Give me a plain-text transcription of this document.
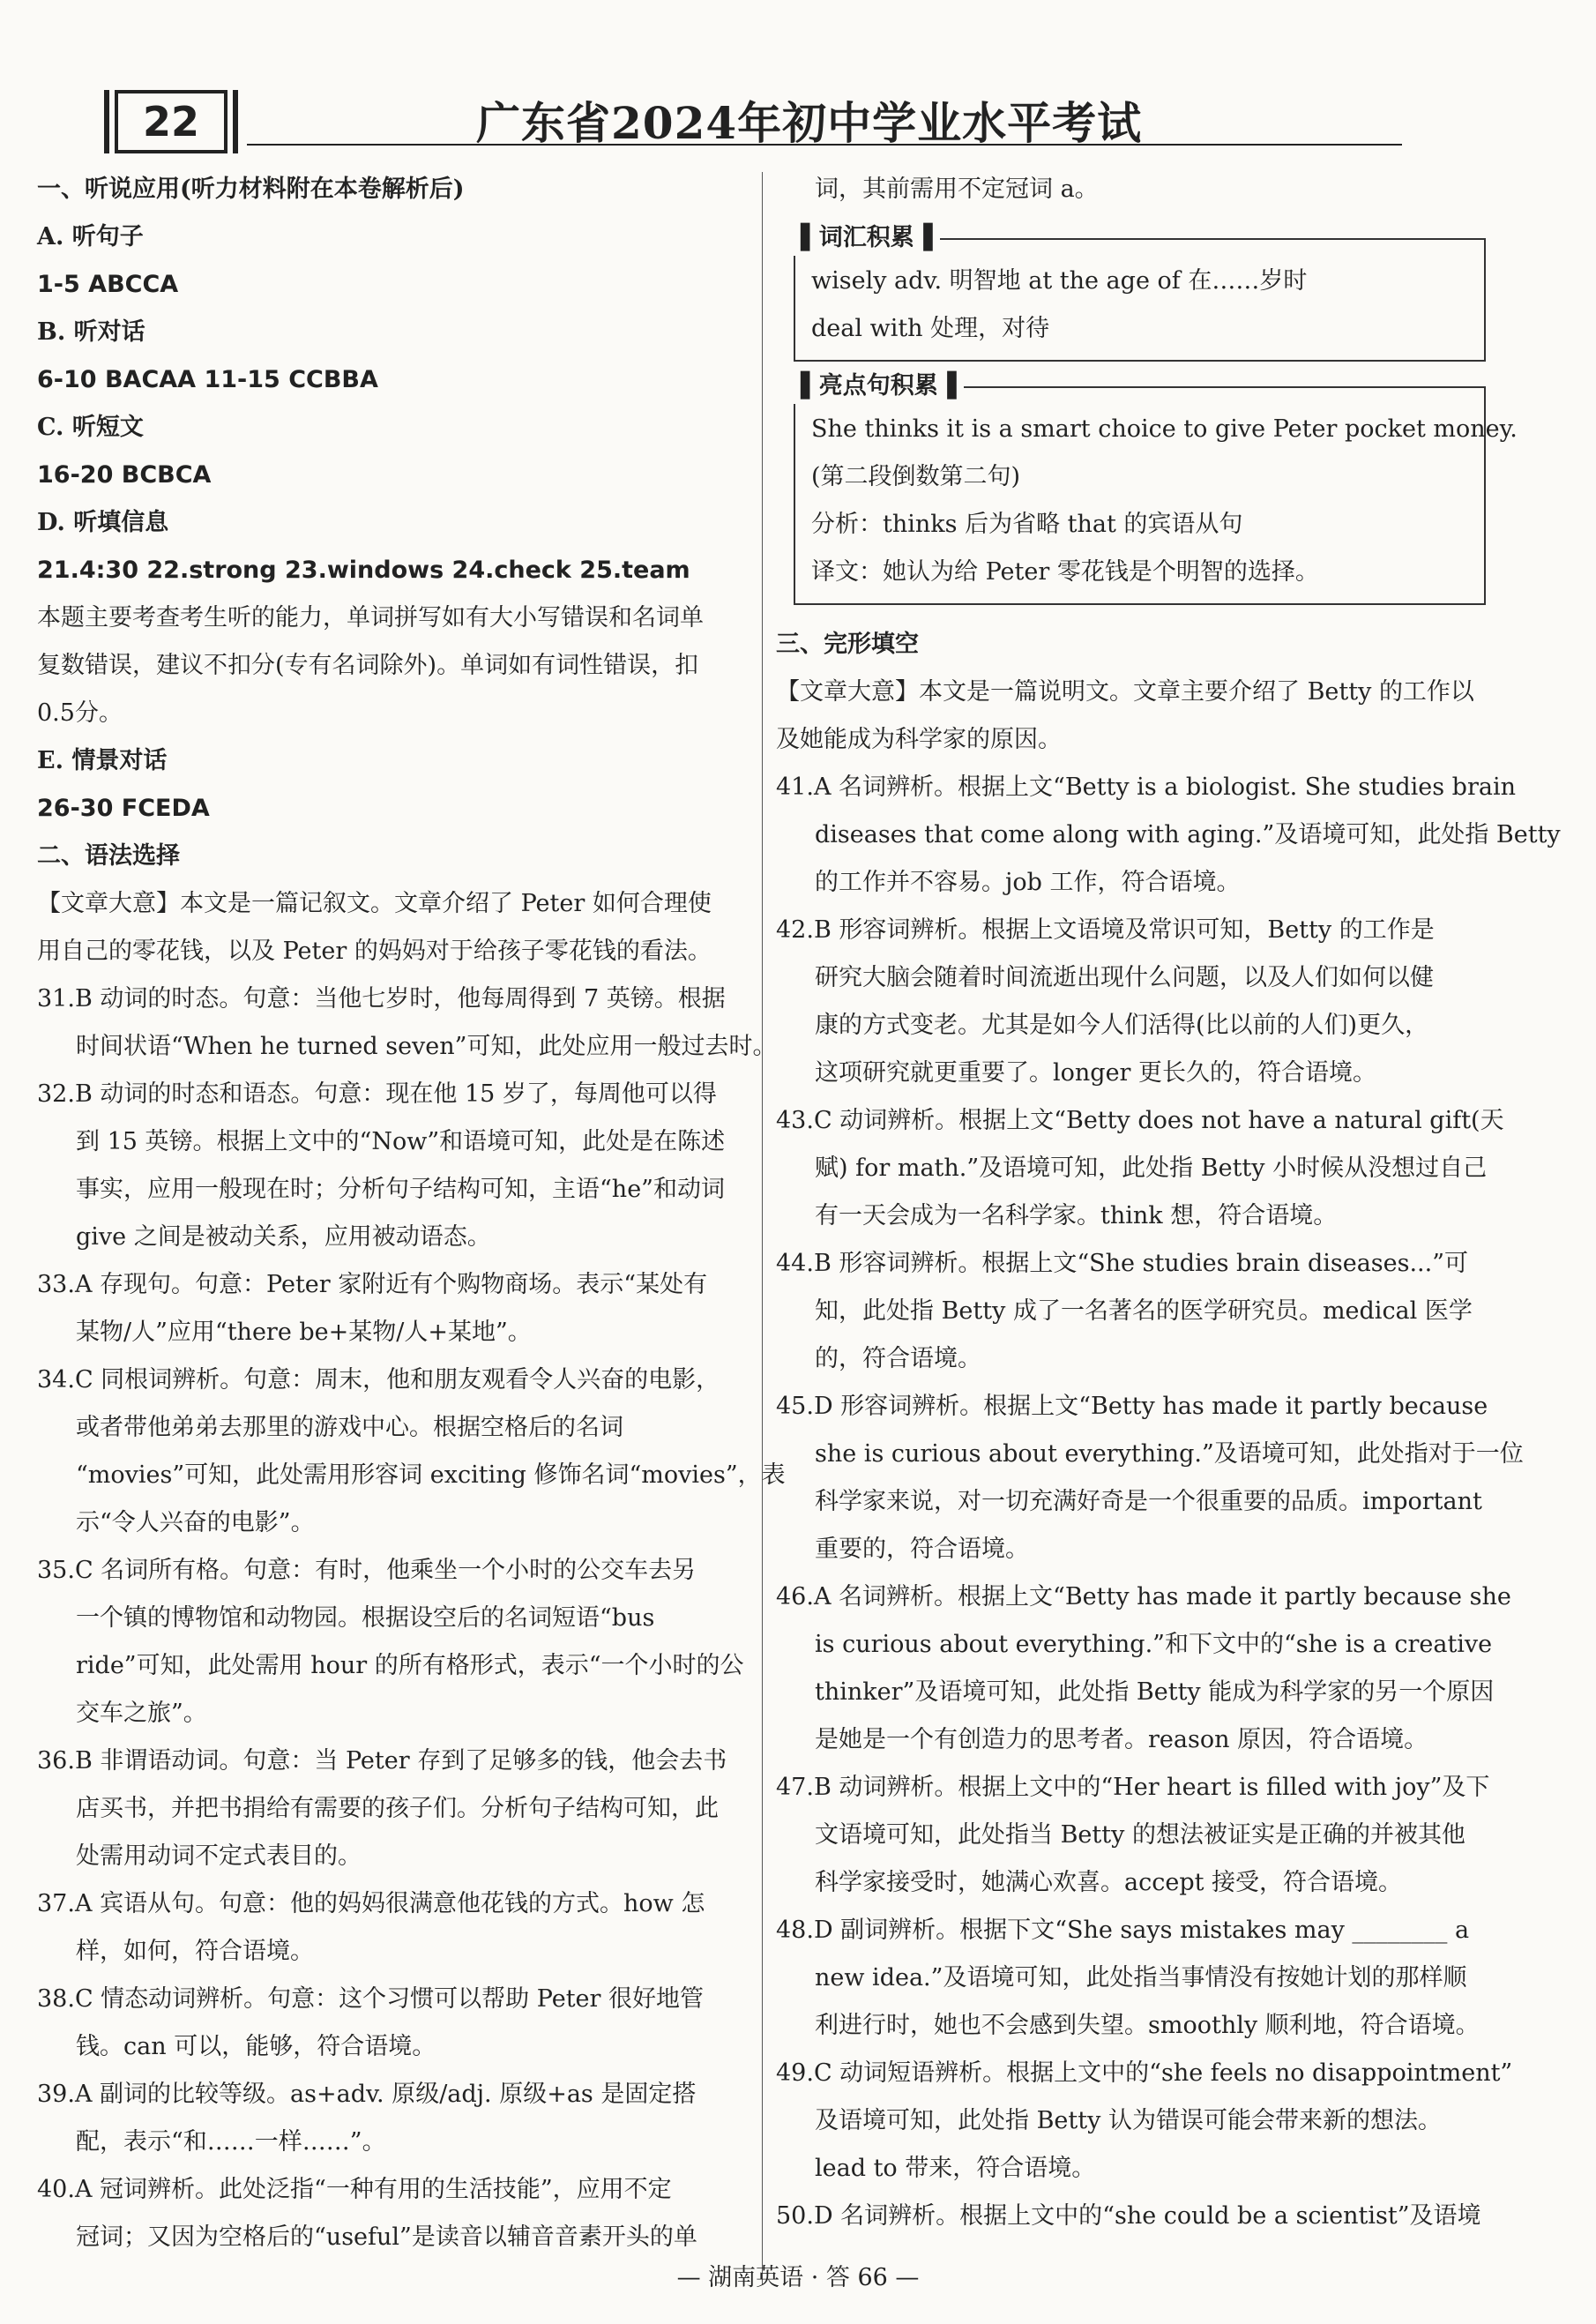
22	广东省2024年初中学业水平考试
一、听说应用(听力材料附在本卷解析后)
A. 听句子
1-5 ABCCA
B. 听对话
6-10 BACAA 11-15 CCBBA
C. 听短文
16-20 BCBCA
D. 听填信息
21.4:30 22.strong 23.windows 24.check 25.team
本题主要考查考生听的能力，单词拼写如有大小写错误和名词单
复数错误，建议不扣分(专有名词除外)。单词如有词性错误，扣
0.5分。
E. 情景对话
26-30 FCEDA
二、语法选择
【文章大意】本文是一篇记叙文。文章介绍了 Peter 如何合理使
用自己的零花钱，以及 Peter 的妈妈对于给孩子零花钱的看法。
31.B 动词的时态。句意：当他七岁时，他每周得到 7 英镑。根据
时间状语“When he turned seven”可知，此处应用一般过去时。
32.B 动词的时态和语态。句意：现在他 15 岁了，每周他可以得
到 15 英镑。根据上文中的“Now”和语境可知，此处是在陈述
事实，应用一般现在时；分析句子结构可知，主语“he”和动词
give 之间是被动关系，应用被动语态。
33.A 存现句。句意：Peter 家附近有个购物商场。表示“某处有
某物/人”应用“there be+某物/人+某地”。
34.C 同根词辨析。句意：周末，他和朋友观看令人兴奋的电影，
或者带他弟弟去那里的游戏中心。根据空格后的名词
“movies”可知，此处需用形容词 exciting 修饰名词“movies”，表
示“令人兴奋的电影”。
35.C 名词所有格。句意：有时，他乘坐一个小时的公交车去另
一个镇的博物馆和动物园。根据设空后的名词短语“bus
ride”可知，此处需用 hour 的所有格形式，表示“一个小时的公
交车之旅”。
36.B 非谓语动词。句意：当 Peter 存到了足够多的钱，他会去书
店买书，并把书捐给有需要的孩子们。分析句子结构可知，此
处需用动词不定式表目的。
37.A 宾语从句。句意：他的妈妈很满意他花钱的方式。how 怎
样，如何，符合语境。
38.C 情态动词辨析。句意：这个习惯可以帮助 Peter 很好地管
钱。can 可以，能够，符合语境。
39.A 副词的比较等级。as+adv. 原级/adj. 原级+as 是固定搭
配，表示“和……一样……”。
40.A 冠词辨析。此处泛指“一种有用的生活技能”，应用不定
冠词；又因为空格后的“useful”是读音以辅音音素开头的单
词，其前需用不定冠词 a。
▌ 词汇积累 ▐
wisely adv. 明智地 at the age of 在……岁时
deal with 处理，对待
▌ 亮点句积累 ▐
She thinks it is a smart choice to give Peter pocket money.
(第二段倒数第二句)
分析：thinks 后为省略 that 的宾语从句
译文：她认为给 Peter 零花钱是个明智的选择。
三、完形填空
【文章大意】本文是一篇说明文。文章主要介绍了 Betty 的工作以
及她能成为科学家的原因。
41.A 名词辨析。根据上文“Betty is a biologist. She studies brain
diseases that come along with aging.”及语境可知，此处指 Betty
的工作并不容易。job 工作，符合语境。
42.B 形容词辨析。根据上文语境及常识可知，Betty 的工作是
研究大脑会随着时间流逝出现什么问题，以及人们如何以健
康的方式变老。尤其是如今人们活得(比以前的人们)更久，
这项研究就更重要了。longer 更长久的，符合语境。
43.C 动词辨析。根据上文“Betty does not have a natural gift(天
赋) for math.”及语境可知，此处指 Betty 小时候从没想过自己
有一天会成为一名科学家。think 想，符合语境。
44.B 形容词辨析。根据上文“She studies brain diseases...”可
知，此处指 Betty 成了一名著名的医学研究员。medical 医学
的，符合语境。
45.D 形容词辨析。根据上文“Betty has made it partly because
she is curious about everything.”及语境可知，此处指对于一位
科学家来说，对一切充满好奇是一个很重要的品质。important
重要的，符合语境。
46.A 名词辨析。根据上文“Betty has made it partly because she
is curious about everything.”和下文中的“she is a creative
thinker”及语境可知，此处指 Betty 能成为科学家的另一个原因
是她是一个有创造力的思考者。reason 原因，符合语境。
47.B 动词辨析。根据上文中的“Her heart is filled with joy”及下
文语境可知，此处指当 Betty 的想法被证实是正确的并被其他
科学家接受时，她满心欢喜。accept 接受，符合语境。
48.D 副词辨析。根据下文“She says mistakes may ________ a
new idea.”及语境可知，此处指当事情没有按她计划的那样顺
利进行时，她也不会感到失望。smoothly 顺利地，符合语境。
49.C 动词短语辨析。根据上文中的“she feels no disappointment”
及语境可知，此处指 Betty 认为错误可能会带来新的想法。
lead to 带来，符合语境。
50.D 名词辨析。根据上文中的“she could be a scientist”及语境
— 湖南英语 · 答 66 —
